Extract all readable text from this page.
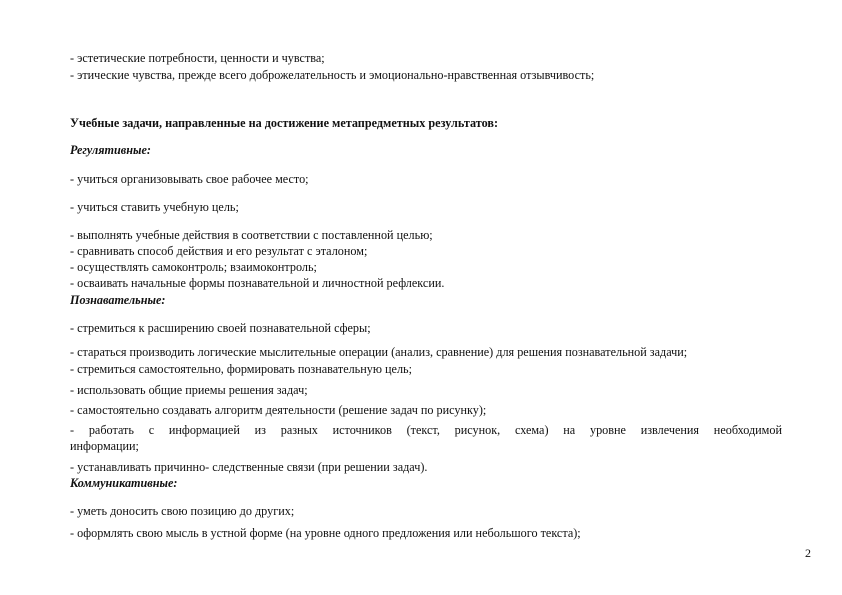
- эстетические потребности, ценности и чувства;
- этические чувства, прежде всего доброжелательность и эмоционально-нравственная отзывчивость;
Учебные задачи, направленные на достижение метапредметных результатов:
Регулятивные:
- учиться организовывать свое рабочее место;
- учиться ставить учебную цель;
- выполнять учебные действия в соответствии с поставленной целью;
- сравнивать способ действия и его результат с эталоном;
- осуществлять самоконтроль; взаимоконтроль;
- осваивать начальные формы познавательной и личностной рефлексии.
Познавательные:
- стремиться к расширению своей познавательной сферы;
- стараться производить логические мыслительные операции (анализ, сравнение) для решения познавательной задачи;
- стремиться самостоятельно, формировать познавательную цель;
- использовать общие приемы решения задач;
- самостоятельно создавать алгоритм деятельности (решение задач по рисунку);
- работать с информацией из разных источников (текст, рисунок, схема) на уровне извлечения необходимой
информации;
- устанавливать причинно- следственные связи (при решении задач).
Коммуникативные:
- уметь доносить свою позицию до других;
- оформлять свою мысль в устной форме (на уровне одного предложения или небольшого текста);
2
